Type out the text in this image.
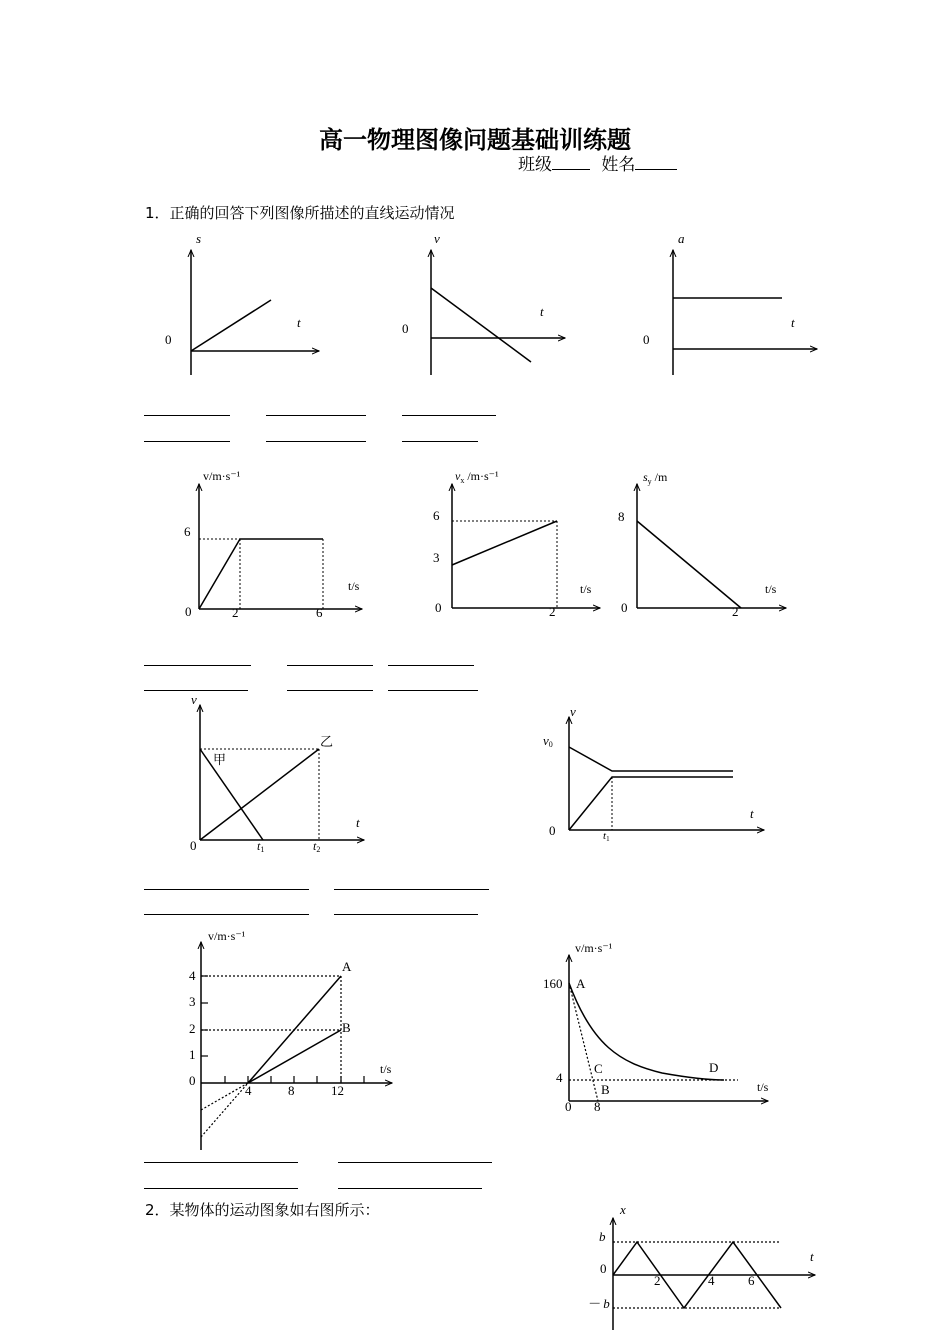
高一物理图像问题基础训练题
班级	姓名
1．正确的回答下列图像所描述的直线运动情况
s
t
0
v
t
0
a
t
0
v/m·s⁻¹
t/s
6
0	2	6
$v_x$ /m·s⁻¹
t/s
6
3
0	2
$s_y$ /m
t/s
8
0	2
v
t
0
甲
乙
t1	t2
v
v0
t
0	t1
v/m·s⁻¹
t/s
4
3
2
1
0
4	8	12
A
B
v/m·s⁻¹
t/s
160
4
0 8
A
B
C	D
x
t
b
0
－ b
2	4	6
2．某物体的运动图象如右图所示：
